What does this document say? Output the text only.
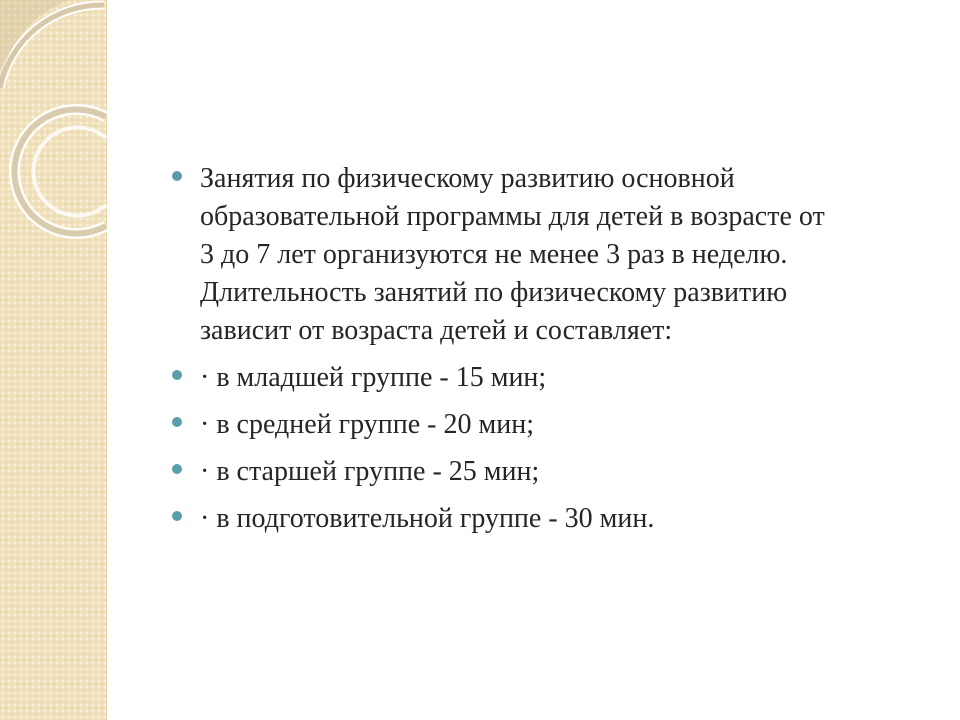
Занятия по физическому развитию основной
образовательной программы для детей в возрасте от
3 до 7 лет организуются не менее 3 раз в неделю.
Длительность занятий по физическому развитию
зависит от возраста детей и составляет:
· в младшей группе - 15 мин;
· в средней группе - 20 мин;
· в старшей группе - 25 мин;
· в подготовительной группе - 30 мин.
